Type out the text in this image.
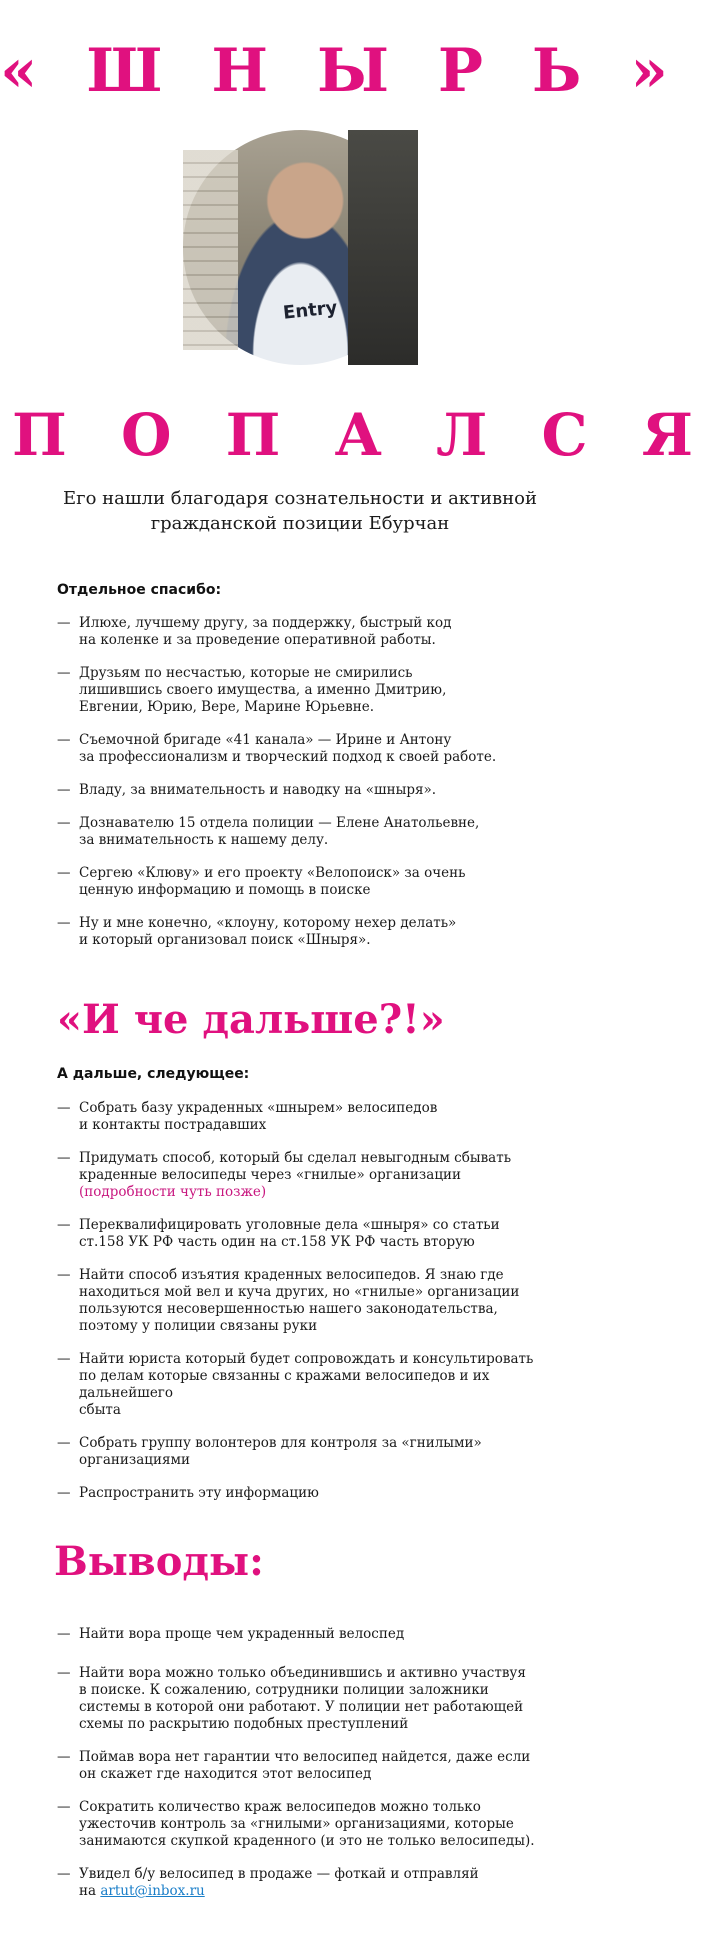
« Ш Н Ы Р Ь »
Entry
П О П А Л С Я
Его нашли благодаря сознательности и активной гражданской позиции Ебурчан
Отдельное спасибо:
— Илюхе, лучшему другу, за поддержку, быстрый код
на коленке и за проведение оперативной работы.
— Друзьям по несчастью, которые не смирились
лишившись своего имущества, а именно Дмитрию,
Евгении, Юрию, Вере, Марине Юрьевне.
— Съемочной бригаде «41 канала» — Ирине и Антону
за профессионализм и творческий подход к своей работе.
— Владу, за внимательность и наводку на «шныря».
— Дознавателю 15 отдела полиции — Елене Анатольевне,
за внимательность к нашему делу.
— Сергею «Клюву» и его проекту «Велопоиск» за очень
ценную информацию и помощь в поиске
— Ну и мне конечно, «клоуну, которому нехер делать»
и который организовал поиск «Шныря».
«И че дальше?!»
А дальше, следующее:
— Собрать базу украденных «шнырем» велосипедов
и контакты пострадавших
— Придумать способ, который бы сделал невыгодным сбывать
краденные велосипеды через «гнилые» организации
(подробности чуть позже)
— Переквалифицировать уголовные дела «шныря» со статьи
ст.158 УК РФ часть один на ст.158 УК РФ часть вторую
— Найти способ изъятия краденных велосипедов. Я знаю где
находиться мой вел и куча других, но «гнилые» организации
пользуются несовершенностью нашего законодательства,
поэтому у полиции связаны руки
— Найти юриста который будет сопровождать и консультировать
по делам которые связанны с кражами велосипедов и их дальнейшего
сбыта
— Собрать группу волонтеров для контроля за «гнилыми»
организациями
— Распространить эту информацию
Выводы:
— Найти вора проще чем украденный велоспед
— Найти вора можно только объединившись и активно участвуя
в поиске. К сожалению, сотрудники полиции заложники
системы в которой они работают. У полиции нет работающей
схемы по раскрытию подобных преступлений
— Поймав вора нет гарантии что велосипед найдется, даже если
он скажет где находится этот велосипед
— Сократить количество краж велосипедов можно только
ужесточив контроль за «гнилыми» организациями, которые
занимаются скупкой краденного (и это не только велосипеды).
— Увидел б/у велосипед в продаже — фоткай и отправляй
на artut@inbox.ru
